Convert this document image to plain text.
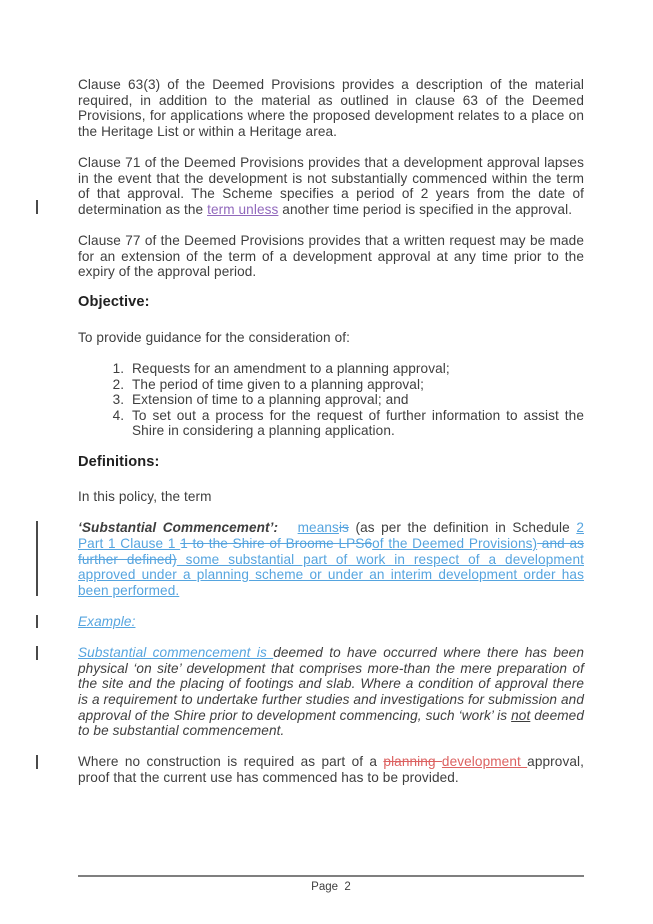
Clause 63(3) of the Deemed Provisions provides a description of the material required, in addition to the material as outlined in clause 63 of the Deemed Provisions, for applications where the proposed development relates to a place on the Heritage List or within a Heritage area.

Clause 71 of the Deemed Provisions provides that a development approval lapses in the event that the development is not substantially commenced within the term of that approval. The Scheme specifies a period of 2 years from the date of determination as the term unless another time period is specified in the approval.

Clause 77 of the Deemed Provisions provides that a written request may be made for an extension of the term of a development approval at any time prior to the expiry of the approval period.

Objective:

To provide guidance for the consideration of:

1. Requests for an amendment to a planning approval;
2. The period of time given to a planning approval;
3. Extension of time to a planning approval; and
4. To set out a process for the request of further information to assist the Shire in considering a planning application.
Definitions:

In this policy, the term

‘Substantial Commencement’: meansis (as per the definition in Schedule 2 Part 1 Clause 1 1 to the Shire of Broome LPS6of the Deemed Provisions) and as further defined) some substantial part of work in respect of a development approved under a planning scheme or under an interim development order has been performed.

Example:

Substantial commencement is deemed to have occurred where there has been physical ‘on site’ development that comprises more-than the mere preparation of the site and the placing of footings and slab. Where a condition of approval there is a requirement to undertake further studies and investigations for submission and approval of the Shire prior to development commencing, such ‘work’ is not deemed to be substantial commencement.

Where no construction is required as part of a planning development approval, proof that the current use has commenced has to be provided.

Page  2
